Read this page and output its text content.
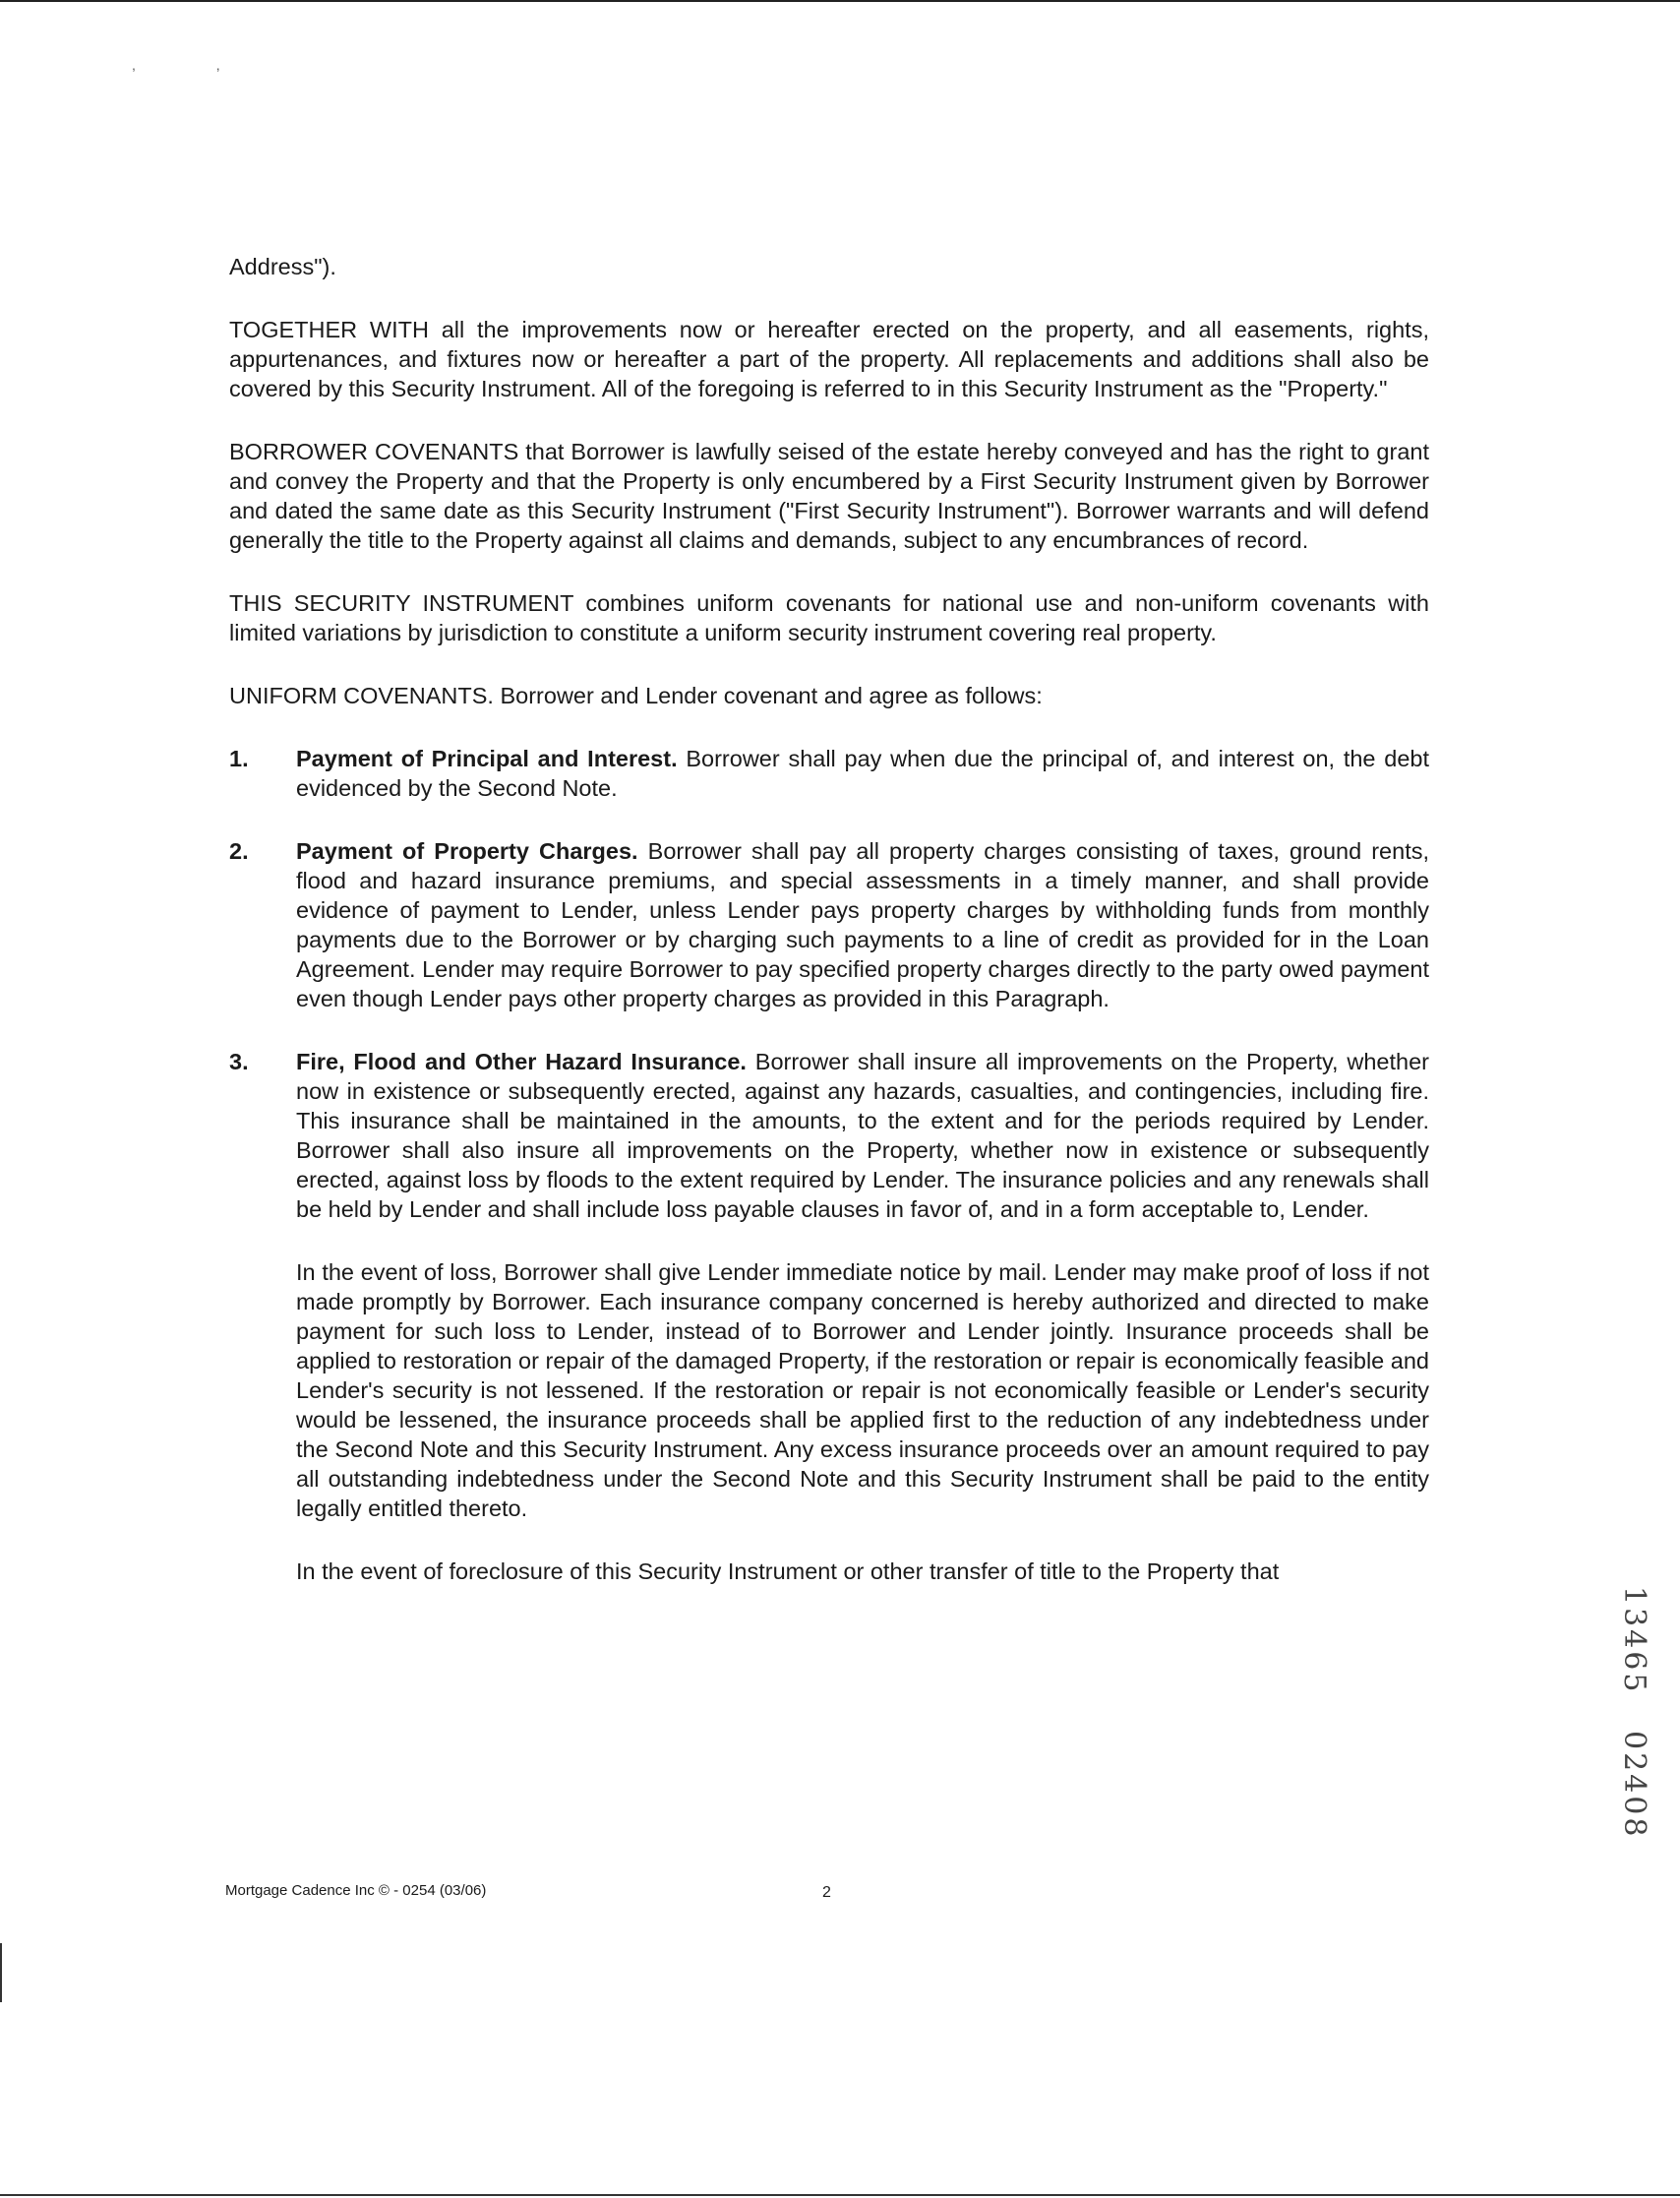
,	,

Address").

TOGETHER WITH all the improvements now or hereafter erected on the property, and all easements, rights, appurtenances, and fixtures now or hereafter a part of the property. All replacements and additions shall also be covered by this Security Instrument. All of the foregoing is referred to in this Security Instrument as the "Property."

BORROWER COVENANTS that Borrower is lawfully seised of the estate hereby conveyed and has the right to grant and convey the Property and that the Property is only encumbered by a First Security Instrument given by Borrower and dated the same date as this Security Instrument ("First Security Instrument"). Borrower warrants and will defend generally the title to the Property against all claims and demands, subject to any encumbrances of record.

THIS SECURITY INSTRUMENT combines uniform covenants for national use and non-uniform covenants with limited variations by jurisdiction to constitute a uniform security instrument covering real property.

UNIFORM COVENANTS. Borrower and Lender covenant and agree as follows:

1. Payment of Principal and Interest. Borrower shall pay when due the principal of, and interest on, the debt evidenced by the Second Note.
2. Payment of Property Charges. Borrower shall pay all property charges consisting of taxes, ground rents, flood and hazard insurance premiums, and special assessments in a timely manner, and shall provide evidence of payment to Lender, unless Lender pays property charges by withholding funds from monthly payments due to the Borrower or by charging such payments to a line of credit as provided for in the Loan Agreement. Lender may require Borrower to pay specified property charges directly to the party owed payment even though Lender pays other property charges as provided in this Paragraph.
3. Fire, Flood and Other Hazard Insurance. Borrower shall insure all improvements on the Property, whether now in existence or subsequently erected, against any hazards, casualties, and contingencies, including fire. This insurance shall be maintained in the amounts, to the extent and for the periods required by Lender. Borrower shall also insure all improvements on the Property, whether now in existence or subsequently erected, against loss by floods to the extent required by Lender. The insurance policies and any renewals shall be held by Lender and shall include loss payable clauses in favor of, and in a form acceptable to, Lender.

In the event of loss, Borrower shall give Lender immediate notice by mail. Lender may make proof of loss if not made promptly by Borrower. Each insurance company concerned is hereby authorized and directed to make payment for such loss to Lender, instead of to Borrower and Lender jointly. Insurance proceeds shall be applied to restoration or repair of the damaged Property, if the restoration or repair is economically feasible and Lender's security is not lessened. If the restoration or repair is not economically feasible or Lender's security would be lessened, the insurance proceeds shall be applied first to the reduction of any indebtedness under the Second Note and this Security Instrument. Any excess insurance proceeds over an amount required to pay all outstanding indebtedness under the Second Note and this Security Instrument shall be paid to the entity legally entitled thereto.

In the event of foreclosure of this Security Instrument or other transfer of title to the Property that

13465 02408
Mortgage Cadence Inc © - 0254 (03/06)	2
